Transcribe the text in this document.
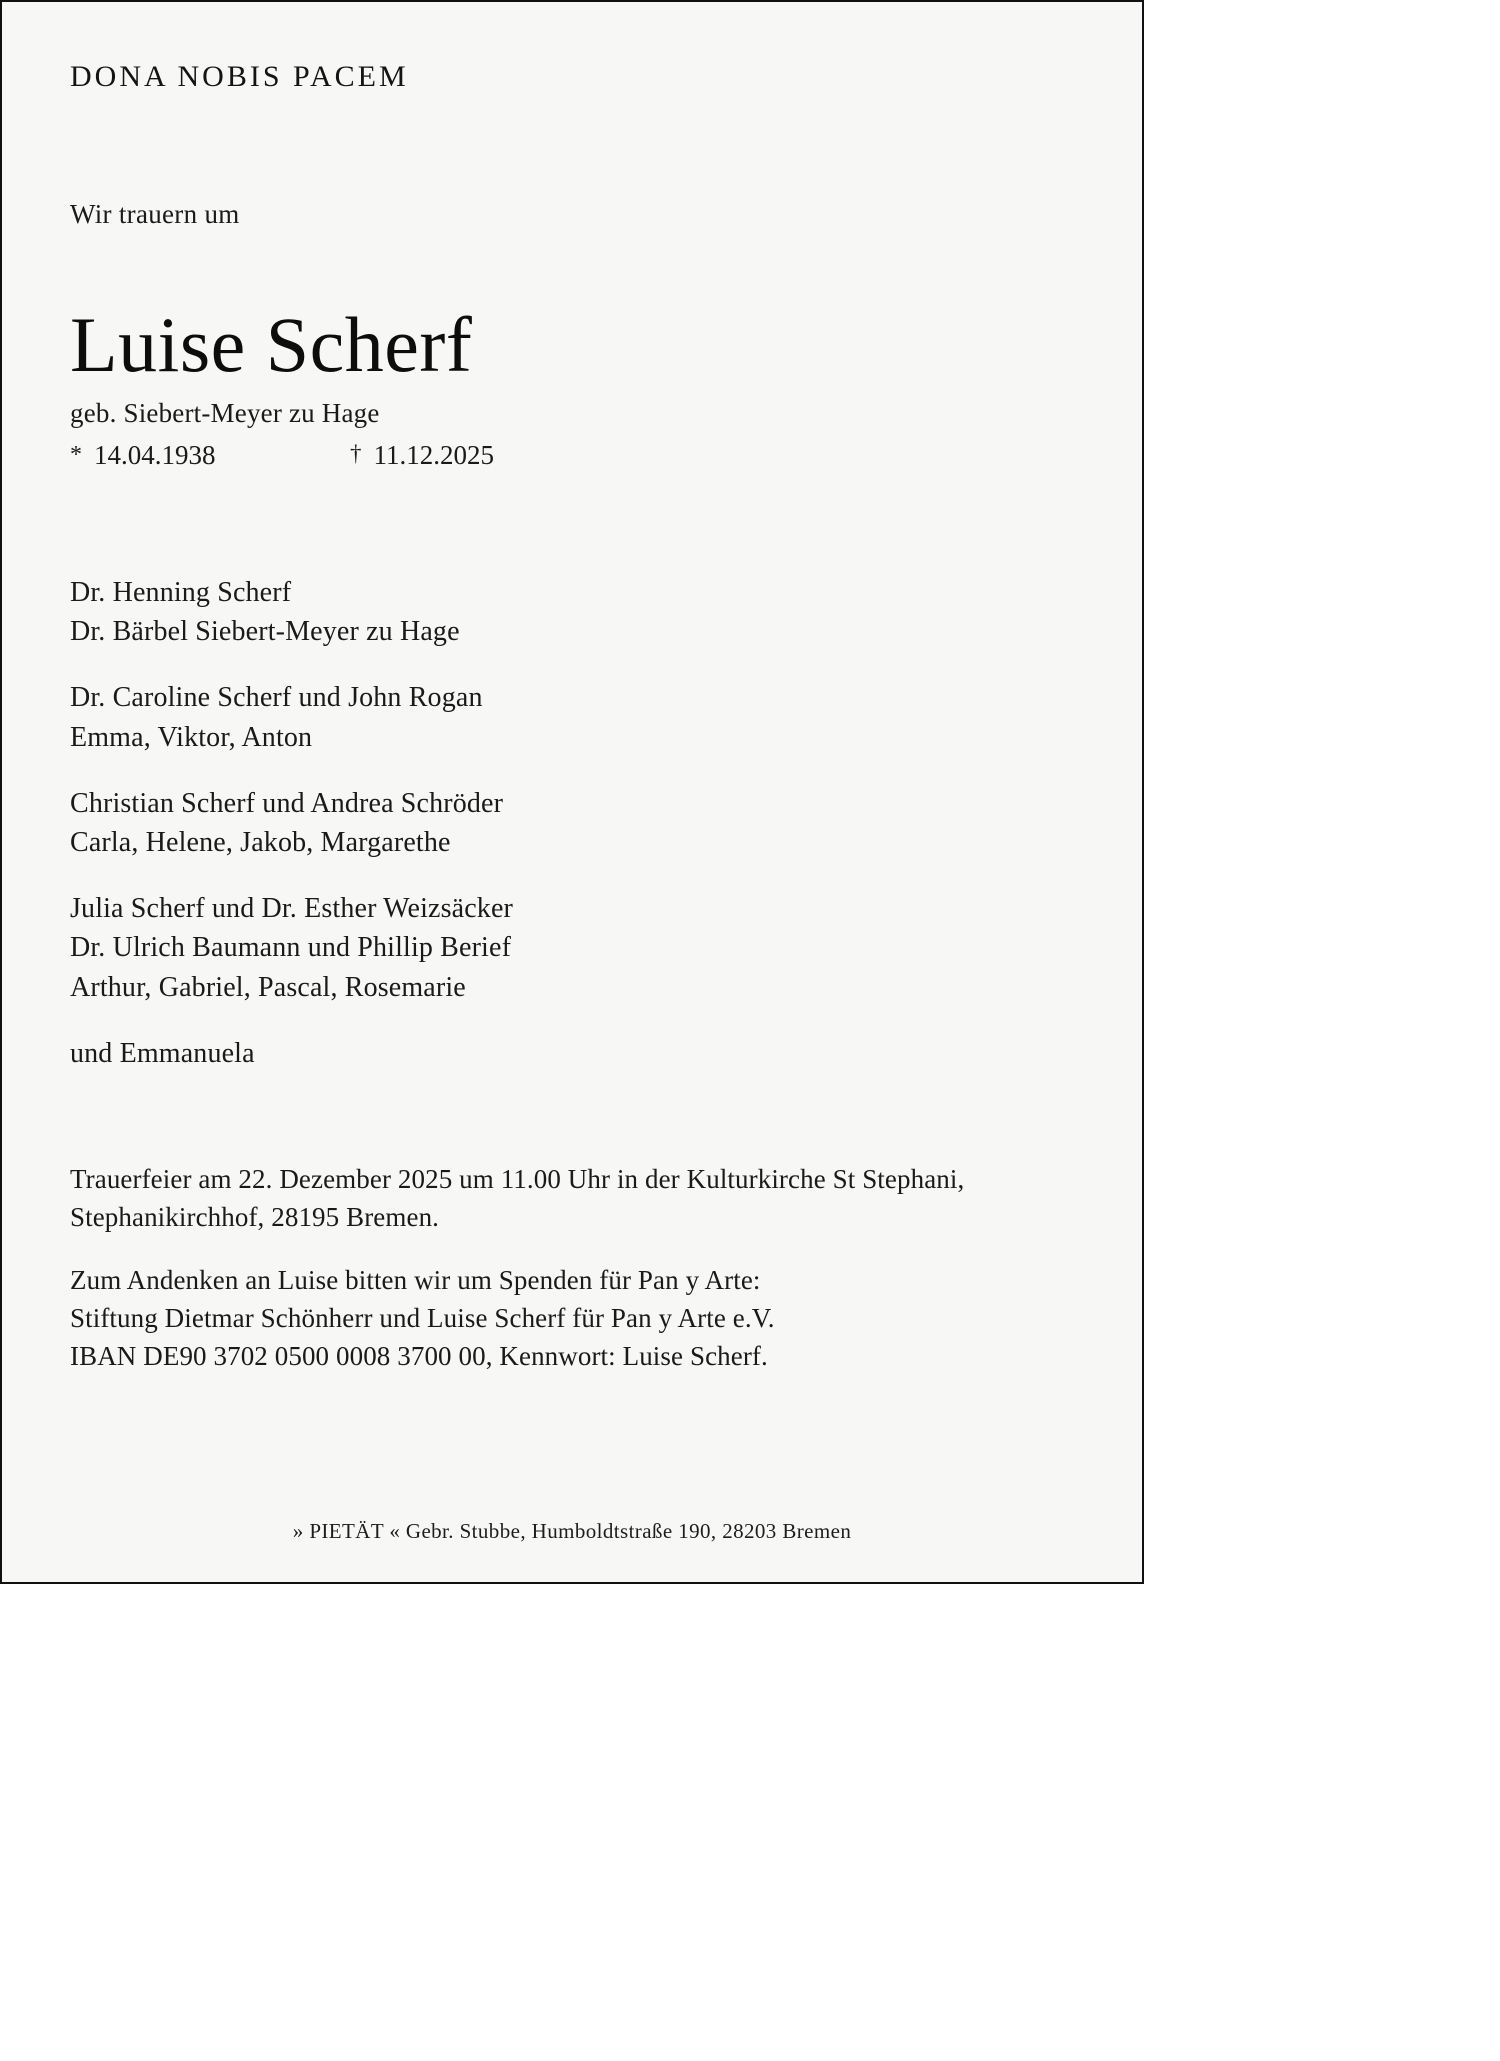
DONA NOBIS PACEM

Wir trauern um

Luise Scherf

geb. Siebert-Meyer zu Hage

* 14.04.1938	† 11.12.2025

Dr. Henning Scherf

Dr. Bärbel Siebert-Meyer zu Hage

Dr. Caroline Scherf und John Rogan

Emma, Viktor, Anton

Christian Scherf und Andrea Schröder

Carla, Helene, Jakob, Margarethe

Julia Scherf und Dr. Esther Weizsäcker

Dr. Ulrich Baumann und Phillip Berief

Arthur, Gabriel, Pascal, Rosemarie

und Emmanuela

Trauerfeier am 22. Dezember 2025 um 11.00 Uhr in der Kulturkirche St Stephani,

Stephanikirchhof, 28195 Bremen.

Zum Andenken an Luise bitten wir um Spenden für Pan y Arte:

Stiftung Dietmar Schönherr und Luise Scherf für Pan y Arte e.V.

IBAN DE90 3702 0500 0008 3700 00, Kennwort: Luise Scherf.

» PIETÄT « Gebr. Stubbe, Humboldtstraße 190, 28203 Bremen
